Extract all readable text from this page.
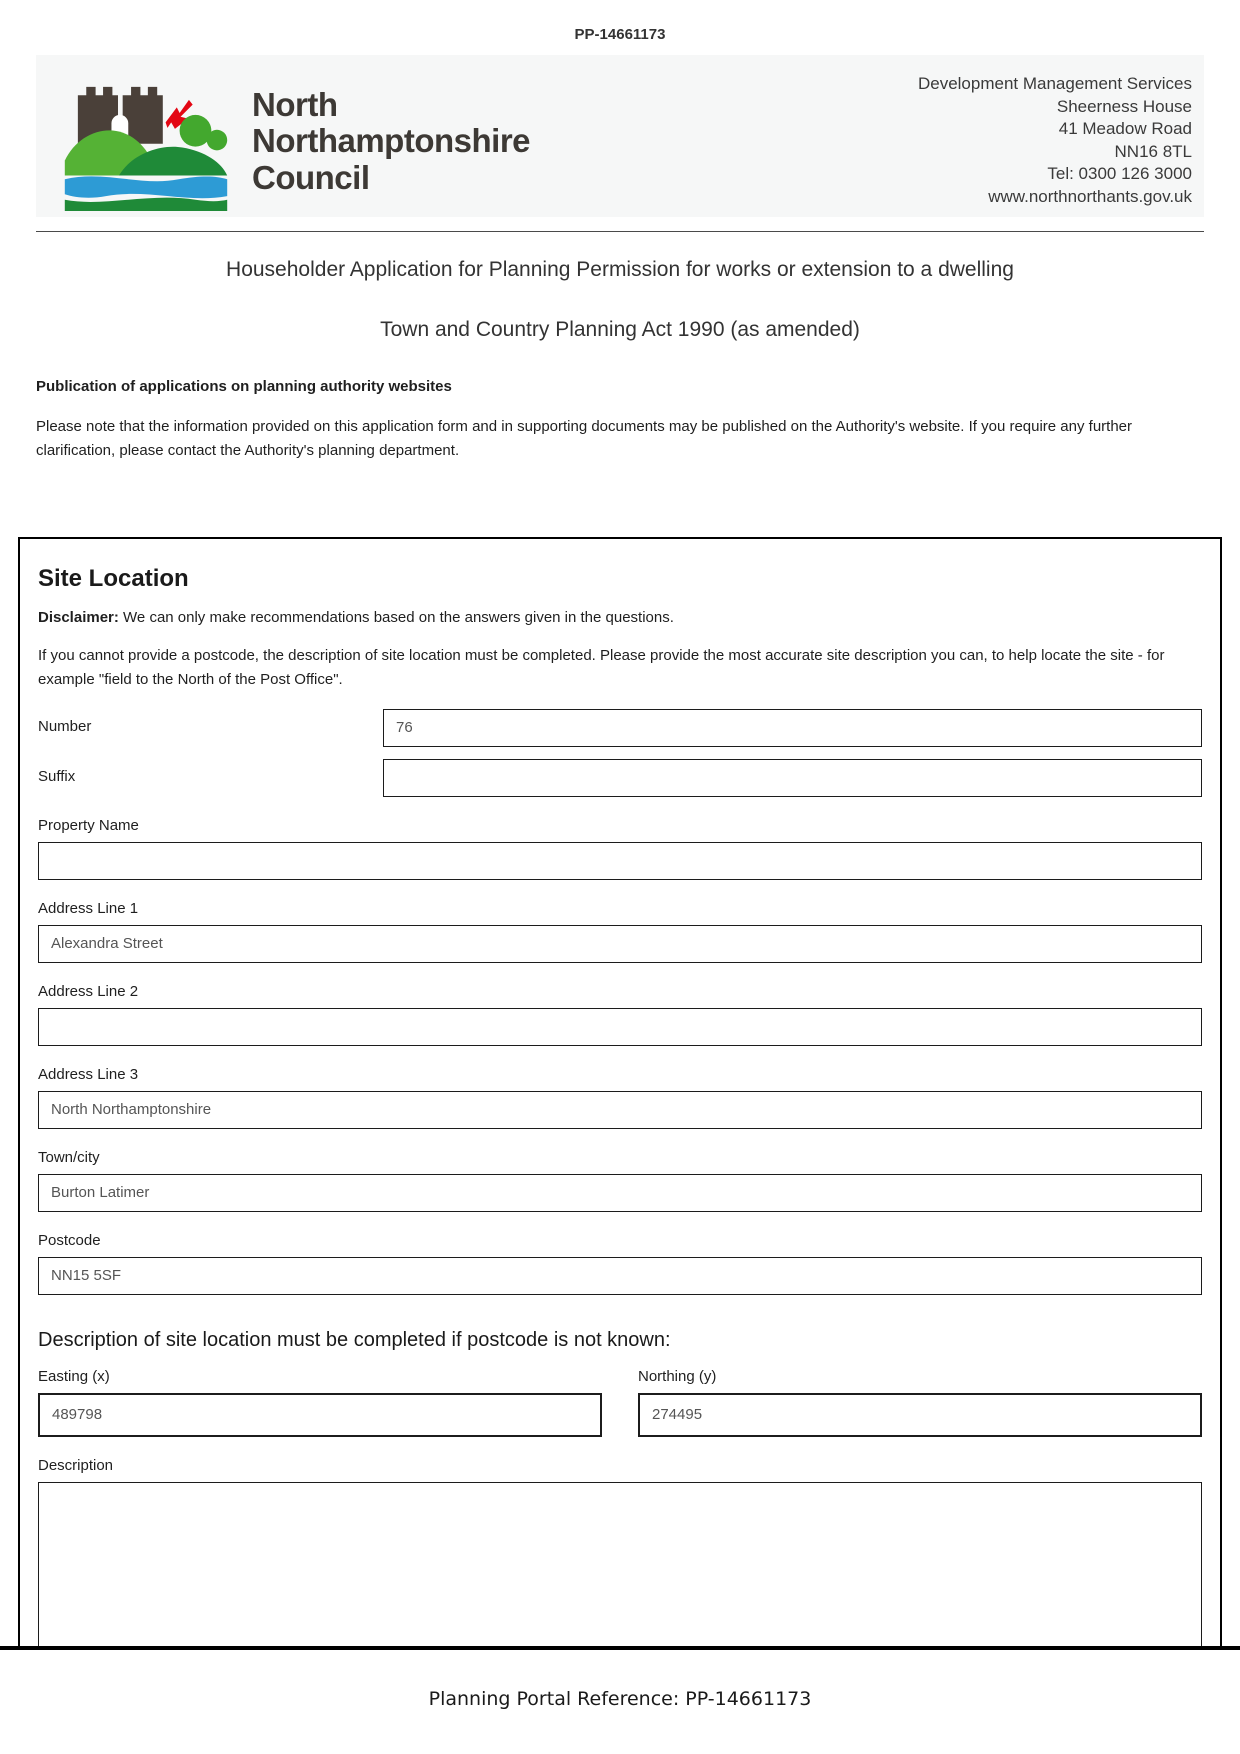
PP-14661173
North
Northamptonshire
Council
Development Management Services
Sheerness House
41 Meadow Road
NN16 8TL
Tel: 0300 126 3000
www.northnorthants.gov.uk
Householder Application for Planning Permission for works or extension to a dwelling
Town and Country Planning Act 1990 (as amended)
Publication of applications on planning authority websites
Please note that the information provided on this application form and in supporting documents may be published on the Authority's website. If you require any further clarification, please contact the Authority's planning department.
Site Location
Disclaimer: We can only make recommendations based on the answers given in the questions.
If you cannot provide a postcode, the description of site location must be completed. Please provide the most accurate site description you can, to help locate the site - for example "field to the North of the Post Office".
Number
76
Suffix
Property Name
Address Line 1
Alexandra Street
Address Line 2
Address Line 3
North Northamptonshire
Town/city
Burton Latimer
Postcode
NN15 5SF
Description of site location must be completed if postcode is not known:
Easting (x)
489798	Northing (y)
274495
Description
Planning Portal Reference: PP-14661173
